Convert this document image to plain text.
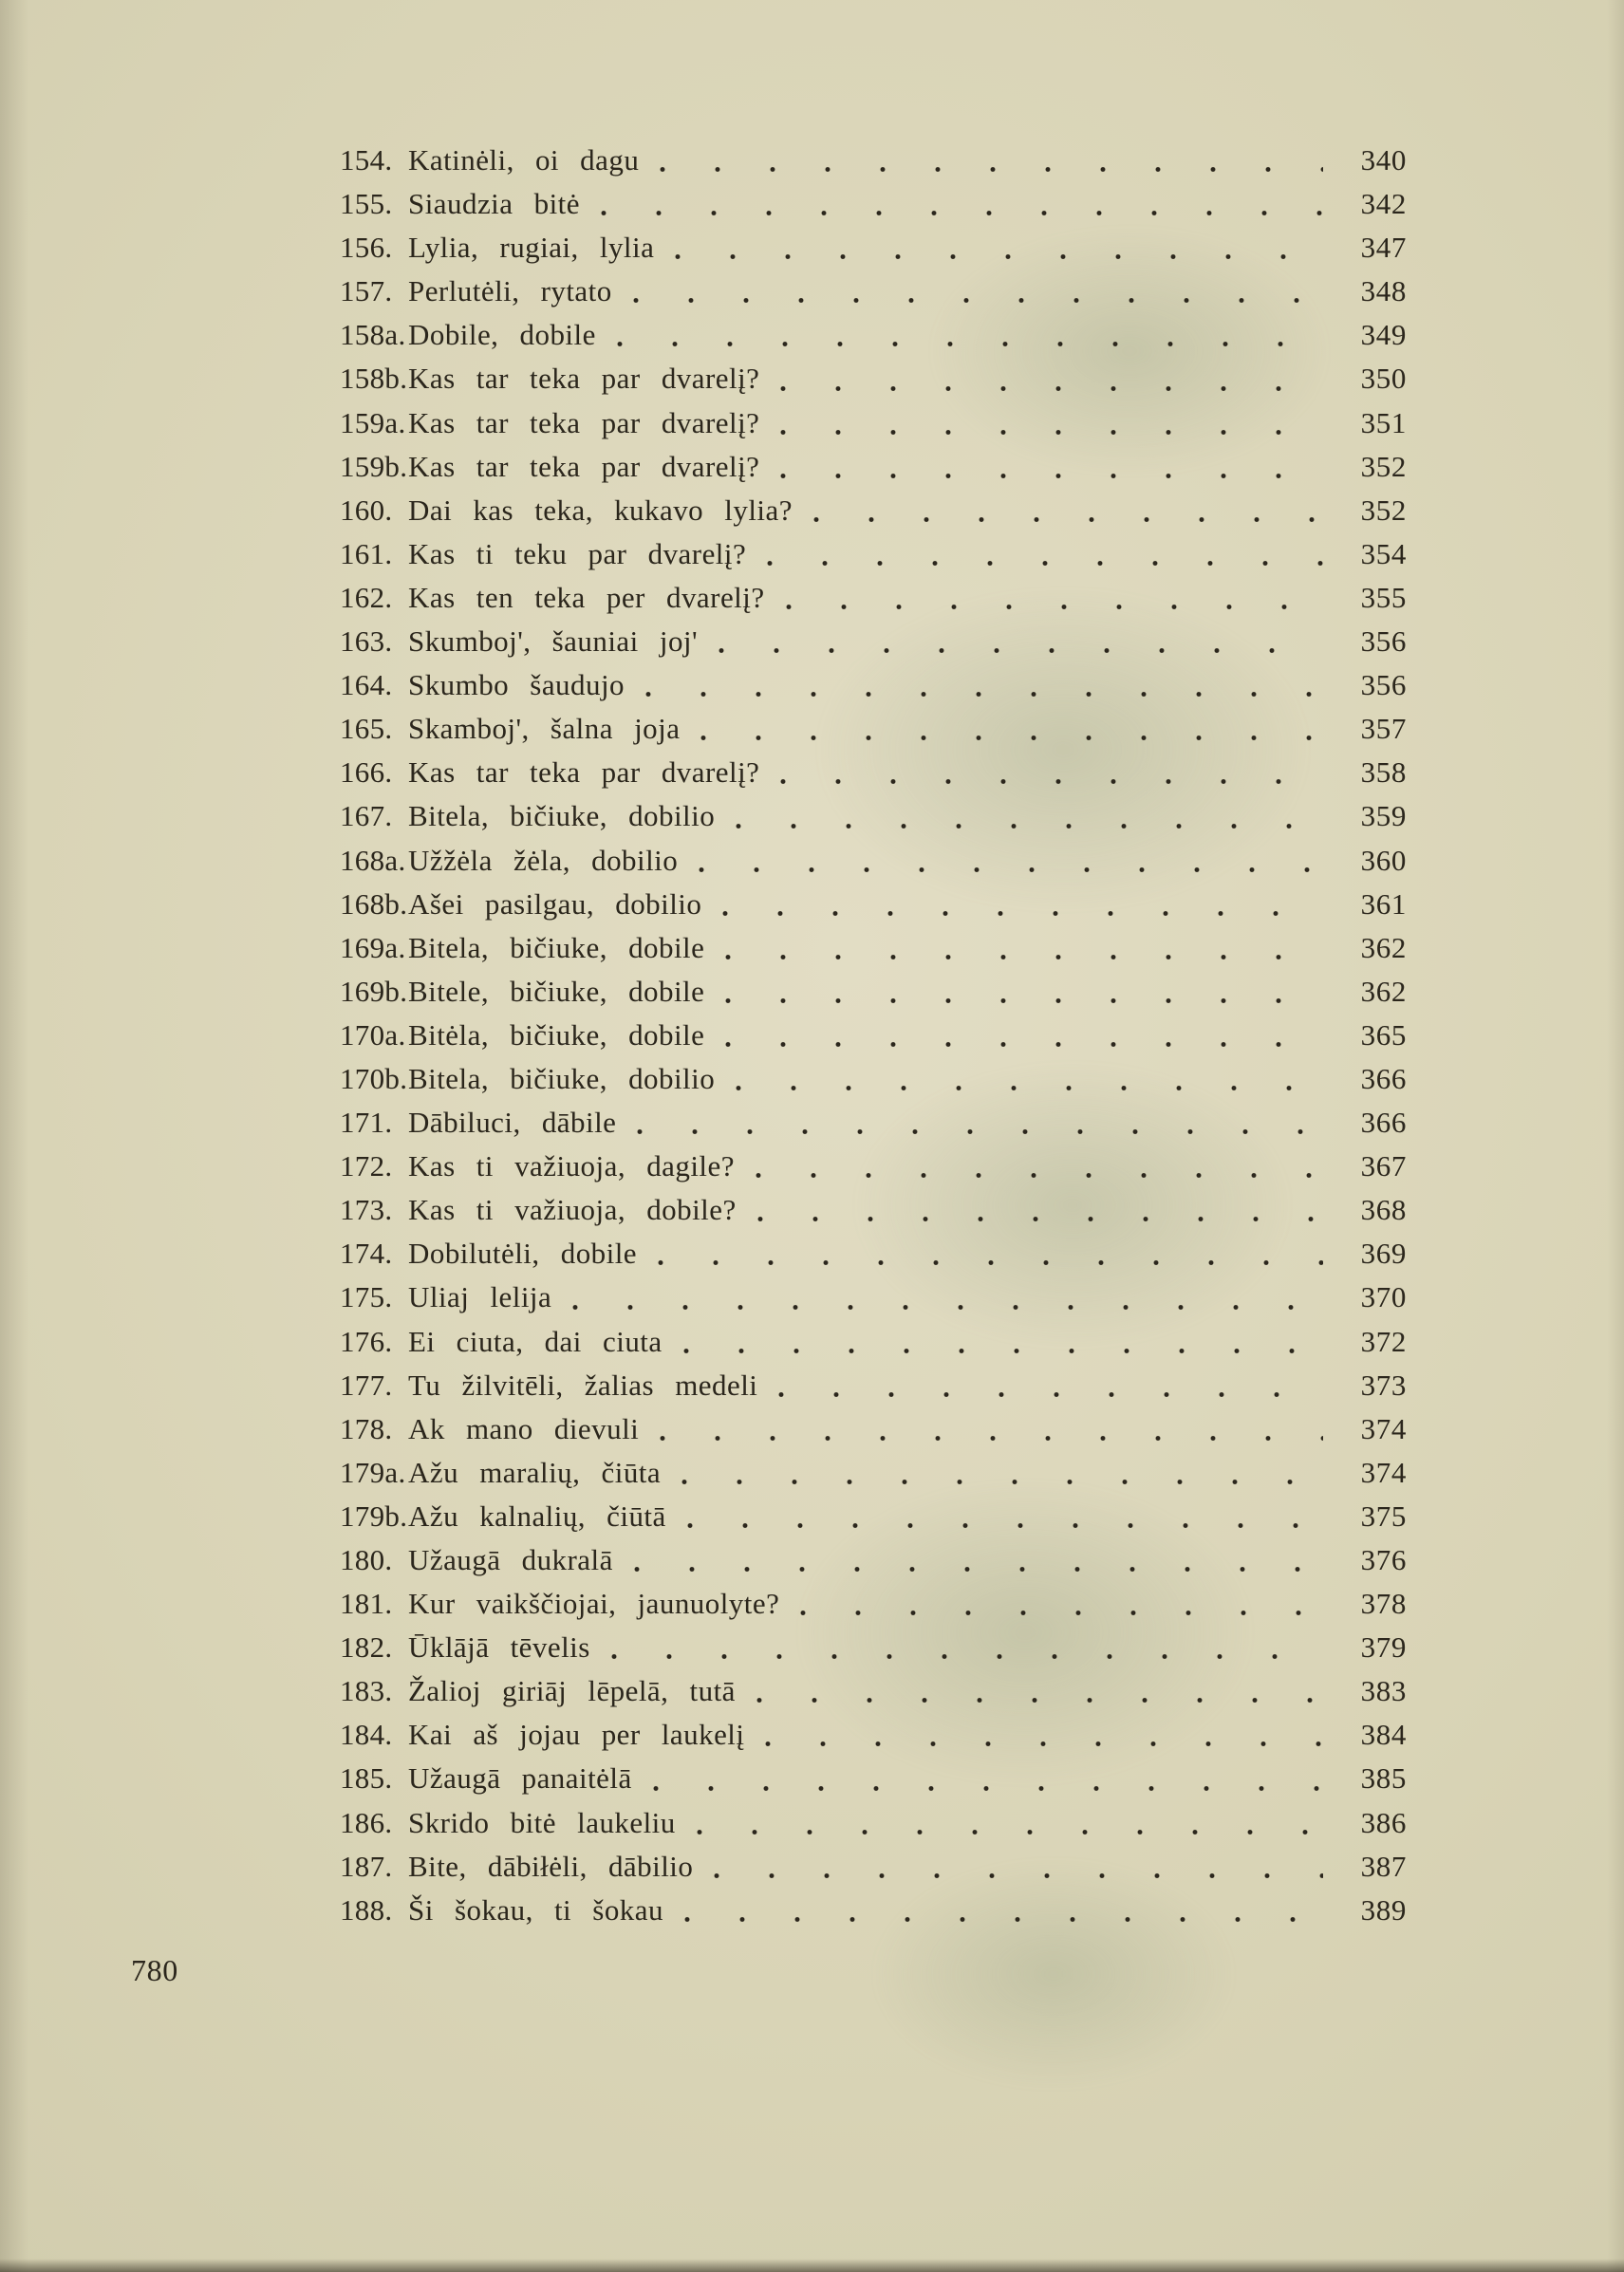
154. Katinėli, oi dagu	340
155. Siaudzia bitė	342
156. Lylia, rugiai, lylia	347
157. Perlutėli, rytato	348
158a. Dobile, dobile	349
158b. Kas tar teka par dvarelį?	350
159a. Kas tar teka par dvarelį?	351
159b. Kas tar teka par dvarelį?	352
160. Dai kas teka, kukavo lylia?	352
161. Kas ti teku par dvarelį?	354
162. Kas ten teka per dvarelį?	355
163. Skumboj', šauniai joj'	356
164. Skumbo šaudujo	356
165. Skamboj', šalna joja	357
166. Kas tar teka par dvarelį?	358
167. Bitela, bičiuke, dobilio	359
168a. Užžėla žėla, dobilio	360
168b. Ašei pasilgau, dobilio	361
169a. Bitela, bičiuke, dobile	362
169b. Bitele, bičiuke, dobile	362
170a. Bitėla, bičiuke, dobile	365
170b. Bitela, bičiuke, dobilio	366
171. Dābiluci, dābile	366
172. Kas ti važiuoja, dagile?	367
173. Kas ti važiuoja, dobile?	368
174. Dobilutėli, dobile	369
175. Uliaj lelija	370
176. Ei ciuta, dai ciuta	372
177. Tu žilvitēli, žalias medeli	373
178. Ak mano dievuli	374
179a. Ažu maralių, čiūta	374
179b. Ažu kalnalių, čiūtā	375
180. Užaugā dukralā	376
181. Kur vaikščiojai, jaunuolyte?	378
182. Ūklājā tēvelis	379
183. Žalioj giriāj lēpelā, tutā	383
184. Kai aš jojau per laukelį	384
185. Užaugā panaitėlā	385
186. Skrido bitė laukeliu	386
187. Bite, dābiłėli, dābilio	387
188. Ši šokau, ti šokau	389
780
